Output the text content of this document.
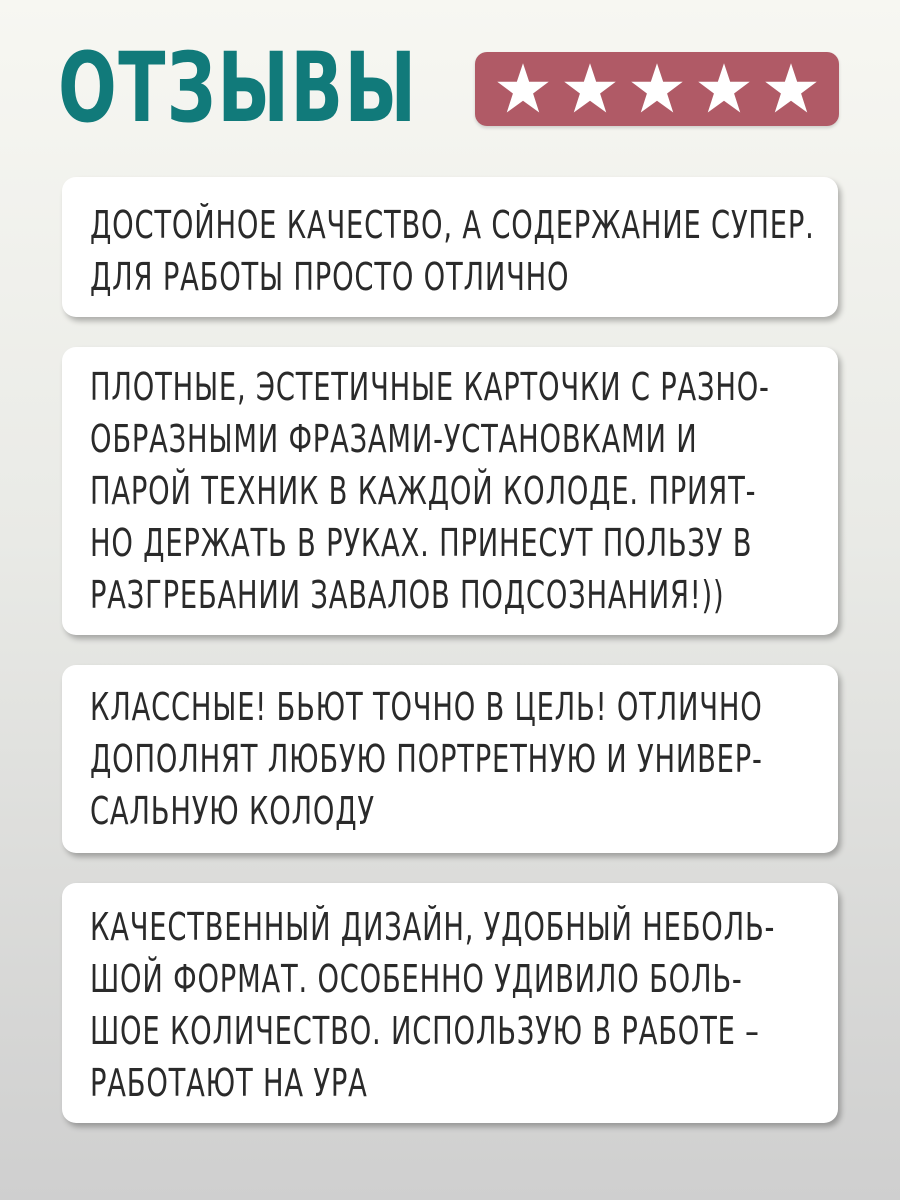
ОТЗЫВЫ

ДОСТОЙНОЕ КАЧЕСТВО, А СОДЕРЖАНИЕ СУПЕР.
ДЛЯ РАБОТЫ ПРОСТО ОТЛИЧНО

ПЛОТНЫЕ, ЭСТЕТИЧНЫЕ КАРТОЧКИ С РАЗНО-
ОБРАЗНЫМИ ФРАЗАМИ-УСТАНОВКАМИ И
ПАРОЙ ТЕХНИК В КАЖДОЙ КОЛОДЕ. ПРИЯТ-
НО ДЕРЖАТЬ В РУКАХ. ПРИНЕСУТ ПОЛЬЗУ В
РАЗГРЕБАНИИ ЗАВАЛОВ ПОДСОЗНАНИЯ!))

КЛАССНЫЕ! БЬЮТ ТОЧНО В ЦЕЛЬ! ОТЛИЧНО
ДОПОЛНЯТ ЛЮБУЮ ПОРТРЕТНУЮ И УНИВЕР-
САЛЬНУЮ КОЛОДУ

КАЧЕСТВЕННЫЙ ДИЗАЙН, УДОБНЫЙ НЕБОЛЬ-
ШОЙ ФОРМАТ. ОСОБЕННО УДИВИЛО БОЛЬ-
ШОЕ КОЛИЧЕСТВО. ИСПОЛЬЗУЮ В РАБОТЕ –
РАБОТАЮТ НА УРА
